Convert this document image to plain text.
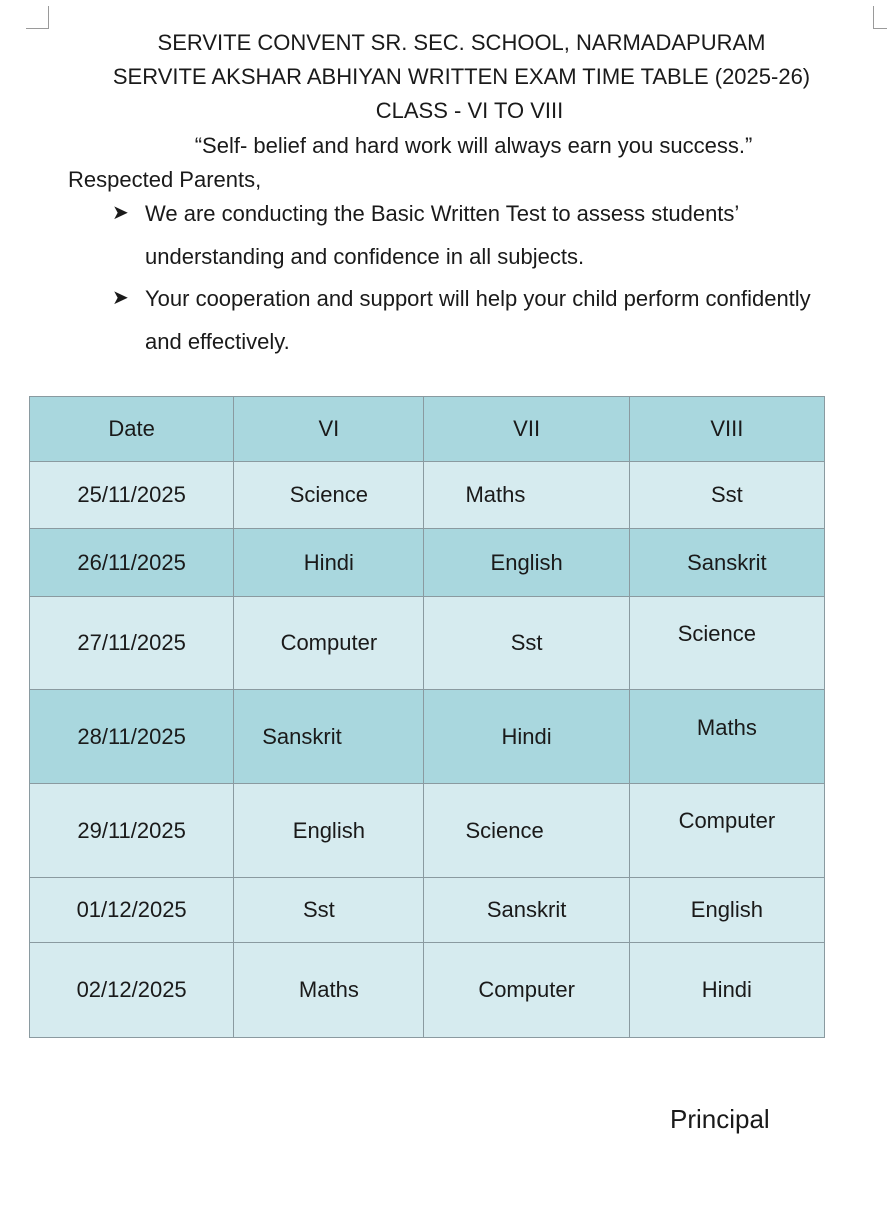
SERVITE CONVENT SR. SEC. SCHOOL, NARMADAPURAM
SERVITE AKSHAR ABHIYAN WRITTEN EXAM TIME TABLE (2025-26)
CLASS - VI TO VIII
“Self- belief and hard work will always earn you success.”
Respected Parents,
➤ We are conducting the Basic Written Test to assess students’ understanding and confidence in all subjects.
➤ Your cooperation and support will help your child perform confidently and effectively.
Date	VI	VII	VIII
25/11/2025	Science	Maths	Sst
26/11/2025	Hindi	English	Sanskrit
27/11/2025	Computer	Sst	Science
28/11/2025	Sanskrit	Hindi	Maths
29/11/2025	English	Science	Computer
01/12/2025	Sst	Sanskrit	English
02/12/2025	Maths	Computer	Hindi
Principal
